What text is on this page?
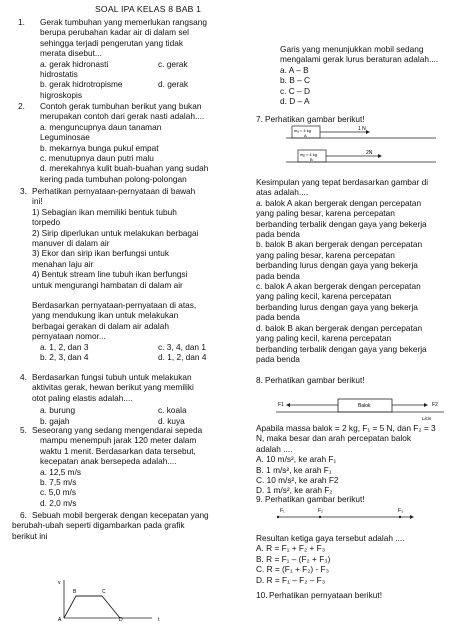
SOAL IPA KELAS 8 BAB 1
1. Gerak tumbuhan yang memerlukan rangsang
berupa perubahan kadar air di dalam sel
sehingga terjadi pengerutan yang tidak
merata disebut...
a. gerak hidronasti	c. gerak
hidrostatis
b. gerak hidrotropisme	d. gerak
higroskopis
2. Contoh gerak tumbuhan berikut yang bukan
merupakan contoh dari gerak nasti adalah....
a. menguncupnya daun tanaman
Leguminosae
b. mekarnya bunga pukul empat
c. menutupnya daun putri malu
d. merekahnya kulit buah-buahan yang sudah
kering pada tumbuhan polong-polongan
3. Perhatikan pernyataan-pernyataan di bawah
ini!
1) Sebagian ikan memiliki bentuk tubuh
torpedo
2) Sirip diperlukan untuk melakukan berbagai
manuver di dalam air
3) Ekor dan sirip ikan berfungsi untuk
menahan laju air
4) Bentuk stream line tubuh ikan berfungsi
untuk mengurangi hambatan di dalam air
Berdasarkan pernyataan-pernyataan di atas,
yang mendukung ikan untuk melakukan
berbagai gerakan di dalam air adalah
pernyataan nomor...
a. 1, 2, dan 3	c. 3, 4, dan 1
b. 2, 3, dan 4	d. 1, 2, dan 4
4. Berdasarkan fungsi tubuh untuk melakukan
aktivitas gerak, hewan berikut yang memiliki
otot paling elastis adalah....
a. burung	c. koala
b. gajah	d. kuya
5. Seseorang yang sedang mengendarai sepeda
mampu menempuh jarak 120 meter dalam
waktu 1 menit. Berdasarkan data tersebut,
kecepatan anak bersepeda adalah....
a. 12,5 m/s
b. 7,5 m/s
c. 5,0 m/s
d. 2,0 m/s
6. Sebuah mobil bergerak dengan kecepatan yang
berubah-ubah seperti digambarkan pada grafik
berikut ini
B	C
A	D
v
t
Garis yang menunjukkan mobil sedang
mengalami gerak lurus beraturan adalah....
a. A – B
b. B – C
c. C – D
d. D – A
7. Perhatikan gambar berikut!
mₐ = 4 kg
A
1 N
mᵦ = 4 kg
B
2N
Kesimpulan yang tepat berdasarkan gambar di
atas adalah....
a. balok A akan bergerak dengan percepatan
yang paling besar, karena percepatan
berbanding terbalik dengan gaya yang bekerja
pada benda
b. balok B akan bergerak dengan percepatan
yang paling besar, karena percepatan
berbanding lurus dengan gaya yang bekerja
pada benda
c. balok A akan bergerak dengan percepatan
yang paling kecil, karena percepatan
berbanding lurus dengan gaya yang bekerja
pada benda
d. balok B akan bergerak dengan percepatan
yang paling kecil, karena percepatan
berbanding terbalik dengan gaya yang bekerja
pada benda
8. Perhatikan gambar berikut!
F1	Balok	F2
Licin
Apabila massa balok = 2 kg, F₁ = 5 N, dan F₂ = 3
N, maka besar dan arah percepatan balok
adalah ....
A. 10 m/s², ke arah F₁
B. 1 m/s², ke arah F₁
C. 10 m/s², ke arah F2
D. 1 m/s², ke arah F₂
9. Perhatikan gambar berikut!
F₁	F₂	F₃
Resultan ketiga gaya tersebut adalah ....
A. R = F₁ + F₂ + F₃
B. R = F₁ – (F₂ + F₃)
C. R = (F₁ + F₂) - F₃
D. R = F₁ – F₂ – F₃
10. Perhatikan pernyataan berikut!
